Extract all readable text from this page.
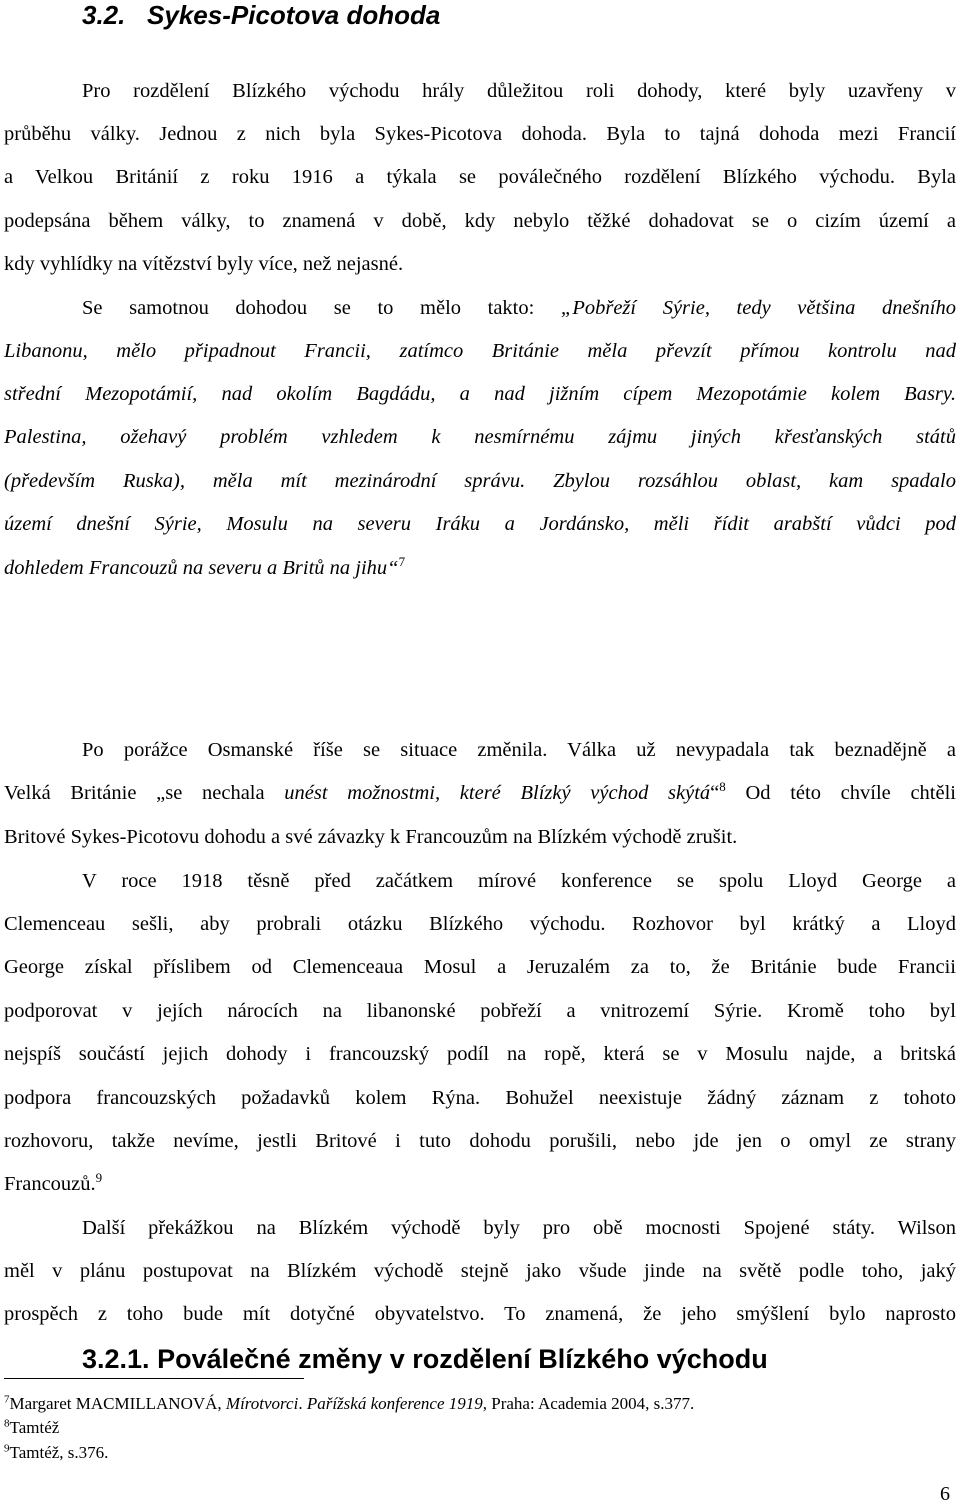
3.2. Sykes-Picotova dohoda
Pro rozdělení Blízkého východu hrály důležitou roli dohody, které byly uzavřeny v
průběhu války. Jednou z nich byla Sykes-Picotova dohoda. Byla to tajná dohoda mezi Francií
a Velkou Británií z roku 1916 a týkala se poválečného rozdělení Blízkého východu. Byla
podepsána během války, to znamená v době, kdy nebylo těžké dohadovat se o cizím území a
kdy vyhlídky na vítězství byly více, než nejasné.
Se samotnou dohodou se to mělo takto: „Pobřeží Sýrie, tedy většina dnešního
Libanonu, mělo připadnout Francii, zatímco Británie měla převzít přímou kontrolu nad
střední Mezopotámií, nad okolím Bagdádu, a nad jižním cípem Mezopotámie kolem Basry.
Palestina, ožehavý problém vzhledem k nesmírnému zájmu jiných křesťanských států
(především Ruska), měla mít mezinárodní správu. Zbylou rozsáhlou oblast, kam spadalo
území dnešní Sýrie, Mosulu na severu Iráku a Jordánsko, měli řídit arabští vůdci pod
dohledem Francouzů na severu a Britů na jihu“$^7$
3.2.1. Poválečné změny v rozdělení Blízkého východu
Po porážce Osmanské říše se situace změnila. Válka už nevypadala tak beznadějně a
Velká Británie „se nechala unést možnostmi, které Blízký východ skýtá“$^8$ Od této chvíle chtěli
Britové Sykes-Picotovu dohodu a své závazky k Francouzům na Blízkém východě zrušit.
V roce 1918 těsně před začátkem mírové konference se spolu Lloyd George a
Clemenceau sešli, aby probrali otázku Blízkého východu. Rozhovor byl krátký a Lloyd
George získal příslibem od Clemenceaua Mosul a Jeruzalém za to, že Británie bude Francii
podporovat v jejích nárocích na libanonské pobřeží a vnitrozemí Sýrie. Kromě toho byl
nejspíš součástí jejich dohody i francouzský podíl na ropě, která se v Mosulu najde, a britská
podpora francouzských požadavků kolem Rýna. Bohužel neexistuje žádný záznam z tohoto
rozhovoru, takže nevíme, jestli Britové i tuto dohodu porušili, nebo jde jen o omyl ze strany
Francouzů.$^9$
Další překážkou na Blízkém východě byly pro obě mocnosti Spojené státy. Wilson
měl v plánu postupovat na Blízkém východě stejně jako všude jinde na světě podle toho, jaký
prospěch z toho bude mít dotyčné obyvatelstvo. To znamená, že jeho smýšlení bylo naprosto
$^7$Margaret MACMILLANOVÁ, Mírotvorci. Pařížská konference 1919, Praha: Academia 2004, s.377.
$^8$Tamtéž
$^9$Tamtéž, s.376.
6
